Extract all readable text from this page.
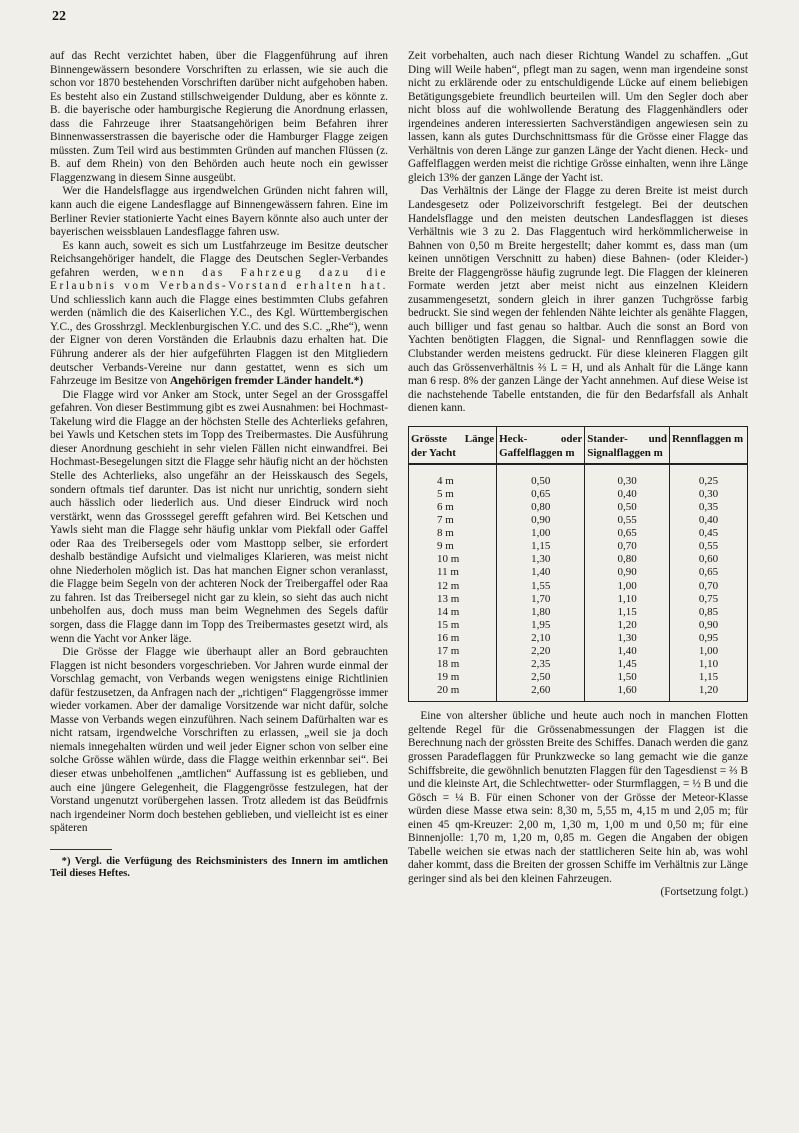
22

auf das Recht verzichtet haben, über die Flaggenführung auf ihren Binnengewässern besondere Vorschriften zu erlassen, wie sie auch die schon vor 1870 bestehenden Vorschriften darüber nicht aufgehoben haben. Es besteht also ein Zustand stillschweigender Duldung, aber es könnte z. B. die bayerische oder hamburgische Regierung die Anordnung erlassen, dass die Fahrzeuge ihrer Staatsangehörigen beim Befahren ihrer Binnenwasserstrassen die bayerische oder die Hamburger Flagge zeigen müssten. Zum Teil wird aus bestimmten Gründen auf manchen Flüssen (z. B. auf dem Rhein) von den Behörden auch heute noch ein gewisser Flaggenzwang in diesem Sinne ausgeübt.

Wer die Handelsflagge aus irgendwelchen Gründen nicht fahren will, kann auch die eigene Landesflagge auf Binnengewässern fahren. Eine im Berliner Revier stationierte Yacht eines Bayern könnte also auch unter der bayerischen weissblauen Landesflagge fahren usw.

Es kann auch, soweit es sich um Lustfahrzeuge im Besitze deutscher Reichsangehöriger handelt, die Flagge des Deutschen Segler-Verbandes gefahren werden, wenn das Fahrzeug dazu die Erlaubnis vom Verbands-Vorstand erhalten hat. Und schliesslich kann auch die Flagge eines bestimmten Clubs gefahren werden (nämlich die des Kaiserlichen Y.C., des Kgl. Württembergischen Y.C., des Grosshrzgl. Mecklenburgischen Y.C. und des S.C. „Rhe“), wenn der Eigner von deren Vorständen die Erlaubnis dazu erhalten hat. Die Führung anderer als der hier aufgeführten Flaggen ist den Mitgliedern deutscher Verbands-Vereine nur dann gestattet, wenn es sich um Fahrzeuge im Besitze von Angehörigen fremder Länder handelt.*)

Die Flagge wird vor Anker am Stock, unter Segel an der Grossgaffel gefahren. Von dieser Bestimmung gibt es zwei Ausnahmen: bei Hochmast-Takelung wird die Flagge an der höchsten Stelle des Achterlieks gefahren, bei Yawls und Ketschen stets im Topp des Treibermastes. Die Ausführung dieser Anordnung geschieht in sehr vielen Fällen nicht einwandfrei. Bei Hochmast-Besegelungen sitzt die Flagge sehr häufig nicht an der höchsten Stelle des Achterlieks, also ungefähr an der Heisskausch des Segels, sondern oftmals tief darunter. Das ist nicht nur unrichtig, sondern sieht auch hässlich oder liederlich aus. Und dieser Eindruck wird noch verstärkt, wenn das Grosssegel gerefft gefahren wird. Bei Ketschen und Yawls sieht man die Flagge sehr häufig unklar vom Piekfall oder Gaffel oder Raa des Treibersegels oder vom Masttopp selber, sie erfordert deshalb beständige Aufsicht und vielmaliges Klarieren, was meist nicht ohne Niederholen möglich ist. Das hat manchen Eigner schon veranlasst, die Flagge beim Segeln von der achteren Nock der Treibergaffel oder Raa zu fahren. Ist das Treibersegel nicht gar zu klein, so sieht das auch nicht unbeholfen aus, doch muss man beim Wegnehmen des Segels dafür sorgen, dass die Flagge dann im Topp des Treibermastes gesetzt wird, als wenn die Yacht vor Anker läge.

Die Grösse der Flagge wie überhaupt aller an Bord gebrauchten Flaggen ist nicht besonders vorgeschrieben. Vor Jahren wurde einmal der Vorschlag gemacht, von Verbands wegen wenigstens einige Richtlinien dafür festzusetzen, da Anfragen nach der „richtigen“ Flaggengrösse immer wieder vorkamen. Aber der damalige Vorsitzende war nicht dafür, solche Masse von Verbands wegen einzuführen. Nach seinem Dafürhalten war es nicht ratsam, irgendwelche Vorschriften zu erlassen, „weil sie ja doch niemals innegehalten würden und weil jeder Eigner schon von selber eine solche Grösse wählen würde, dass die Flagge weithin erkennbar sei“. Bei dieser etwas unbeholfenen „amtlichen“ Auffassung ist es geblieben, und auch eine jüngere Gelegenheit, die Flaggengrösse festzulegen, hat der Vorstand ungenutzt vorübergehen lassen. Trotz alledem ist das Beüdfrnis nach irgendeiner Norm doch bestehen geblieben, und vielleicht ist es einer späteren

*) Vergl. die Verfügung des Reichsministers des Innern im amtlichen Teil dieses Heftes.

Zeit vorbehalten, auch nach dieser Richtung Wandel zu schaffen. „Gut Ding will Weile haben“, pflegt man zu sagen, wenn man irgendeine sonst nicht zu erklärende oder zu entschuldigende Lücke auf einem beliebigen Betätigungsgebiete freundlich beurteilen will. Um den Segler doch aber nicht bloss auf die wohlwollende Beratung des Flaggenhändlers oder irgendeines anderen interessierten Sachverständigen angewiesen sein zu lassen, kann als gutes Durchschnittsmass für die Grösse einer Flagge das Verhältnis von deren Länge zur ganzen Länge der Yacht dienen. Heck- und Gaffelflaggen werden meist die richtige Grösse einhalten, wenn ihre Länge gleich 13% der ganzen Länge der Yacht ist.

Das Verhältnis der Länge der Flagge zu deren Breite ist meist durch Landesgesetz oder Polizeivorschrift festgelegt. Bei der deutschen Handelsflagge und den meisten deutschen Landesflaggen ist dieses Verhältnis wie 3 zu 2. Das Flaggentuch wird herkömmlicherweise in Bahnen von 0,50 m Breite hergestellt; daher kommt es, dass man (um keinen unnötigen Verschnitt zu haben) diese Bahnen- (oder Kleider-) Breite der Flaggengrösse häufig zugrunde legt. Die Flaggen der kleineren Formate werden jetzt aber meist nicht aus einzelnen Kleidern zusammengesetzt, sondern gleich in ihrer ganzen Tuchgrösse farbig bedruckt. Sie sind wegen der fehlenden Nähte leichter als genähte Flaggen, auch billiger und fast genau so haltbar. Auch die sonst an Bord von Yachten benötigten Flaggen, die Signal- und Rennflaggen sowie die Clubstander werden meistens gedruckt. Für diese kleineren Flaggen gilt auch das Grössenverhältnis ⅔ L = H, und als Anhalt für die Länge kann man 6 resp. 8% der ganzen Länge der Yacht annehmen. Auf diese Weise ist die nachstehende Tabelle entstanden, die für den Bedarfsfall als Anhalt dienen kann.

Grösste Länge der Yacht	Heck- oder Gaffelflaggen m	Stander- und Signalflaggen m	Rennflaggen m
4 m	0,50	0,30	0,25
5 m	0,65	0,40	0,30
6 m	0,80	0,50	0,35
7 m	0,90	0,55	0,40
8 m	1,00	0,65	0,45
9 m	1,15	0,70	0,55
10 m	1,30	0,80	0,60
11 m	1,40	0,90	0,65
12 m	1,55	1,00	0,70
13 m	1,70	1,10	0,75
14 m	1,80	1,15	0,85
15 m	1,95	1,20	0,90
16 m	2,10	1,30	0,95
17 m	2,20	1,40	1,00
18 m	2,35	1,45	1,10
19 m	2,50	1,50	1,15
20 m	2,60	1,60	1,20

Eine von altersher übliche und heute auch noch in manchen Flotten geltende Regel für die Grössenabmessungen der Flaggen ist die Berechnung nach der grössten Breite des Schiffes. Danach werden die ganz grossen Paradeflaggen für Prunkzwecke so lang gemacht wie die ganze Schiffsbreite, die gewöhnlich benutzten Flaggen für den Tagesdienst = ⅔ B und die kleinste Art, die Schlechtwetter- oder Sturmflaggen, = ½ B und die Gösch = ¼ B. Für einen Schoner von der Grösse der Meteor-Klasse würden diese Masse etwa sein: 8,30 m, 5,55 m, 4,15 m und 2,05 m; für einen 45 qm-Kreuzer: 2,00 m, 1,30 m, 1,00 m und 0,50 m; für eine Binnenjolle: 1,70 m, 1,20 m, 0,85 m. Gegen die Angaben der obigen Tabelle weichen sie etwas nach der stattlicheren Seite hin ab, was wohl daher kommt, dass die Breiten der grossen Schiffe im Verhältnis zur Länge geringer sind als bei den kleinen Fahrzeugen.

(Fortsetzung folgt.)
